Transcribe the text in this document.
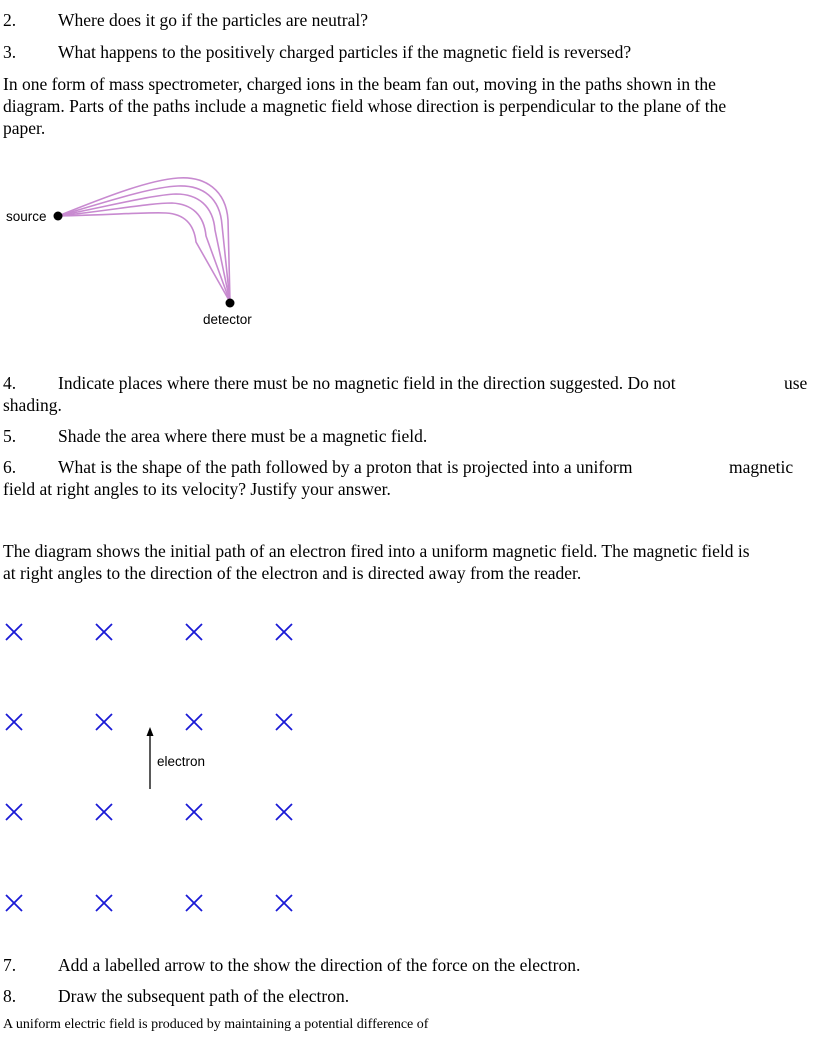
2. Where does it go if the particles are neutral?
3. What happens to the positively charged particles if the magnetic field is reversed?
In one form of mass spectrometer, charged ions in the beam fan out, moving in the paths shown in the
diagram. Parts of the paths include a magnetic field whose direction is perpendicular to the plane of the
paper.
source
detector
4. Indicate places where there must be no magnetic field in the direction suggested. Do not	use
shading.
5. Shade the area where there must be a magnetic field.
6. What is the shape of the path followed by a proton that is projected into a uniform	magnetic
field at right angles to its velocity? Justify your answer.
The diagram shows the initial path of an electron fired into a uniform magnetic field. The magnetic field is
at right angles to the direction of the electron and is directed away from the reader.
electron
7. Add a labelled arrow to the show the direction of the force on the electron.
8. Draw the subsequent path of the electron.
A uniform electric field is produced by maintaining a potential difference of
